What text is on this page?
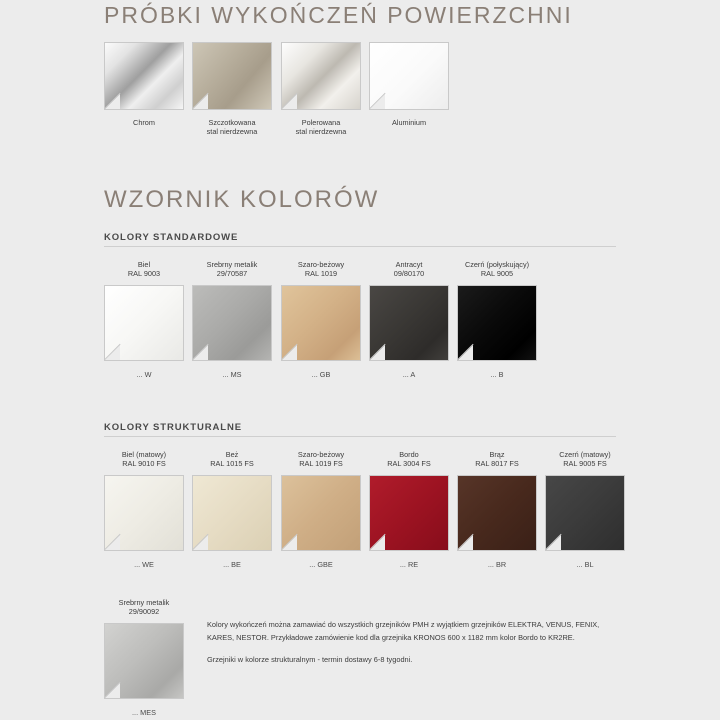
PRÓBKI WYKOŃCZEŃ POWIERZCHNI
Chrom	Szczotkowana
stal nierdzewna
Polerowana
stal nierdzewna
Aluminium
WZORNIK KOLORÓW
KOLORY STANDARDOWE
Biel
RAL 9003
... W
Srebrny metalik
29/70587
... MS
Szaro-beżowy
RAL 1019
... GB
Antracyt
09/80170
... A
Czerń (połyskujący)
RAL 9005
... B
KOLORY STRUKTURALNE
Biel (matowy)
RAL 9010 FS
... WE
Beż
RAL 1015 FS
... BE
Szaro-beżowy
RAL 1019 FS
... GBE
Bordo
RAL 3004 FS
... RE
Brąz
RAL 8017 FS
... BR
Czerń (matowy)
RAL 9005 FS
... BL
Srebrny metalik
29/90092
... MES
Kolory wykończeń można zamawiać do wszystkich grzejników PMH z wyjątkiem grzejników ELEKTRA, VENUS, FENIX, KARES, NESTOR. Przykładowe zamówienie kod dla grzejnika KRONOS 600 x 1182 mm kolor Bordo to KR2RE.
Grzejniki w kolorze strukturalnym - termin dostawy 6-8 tygodni.
